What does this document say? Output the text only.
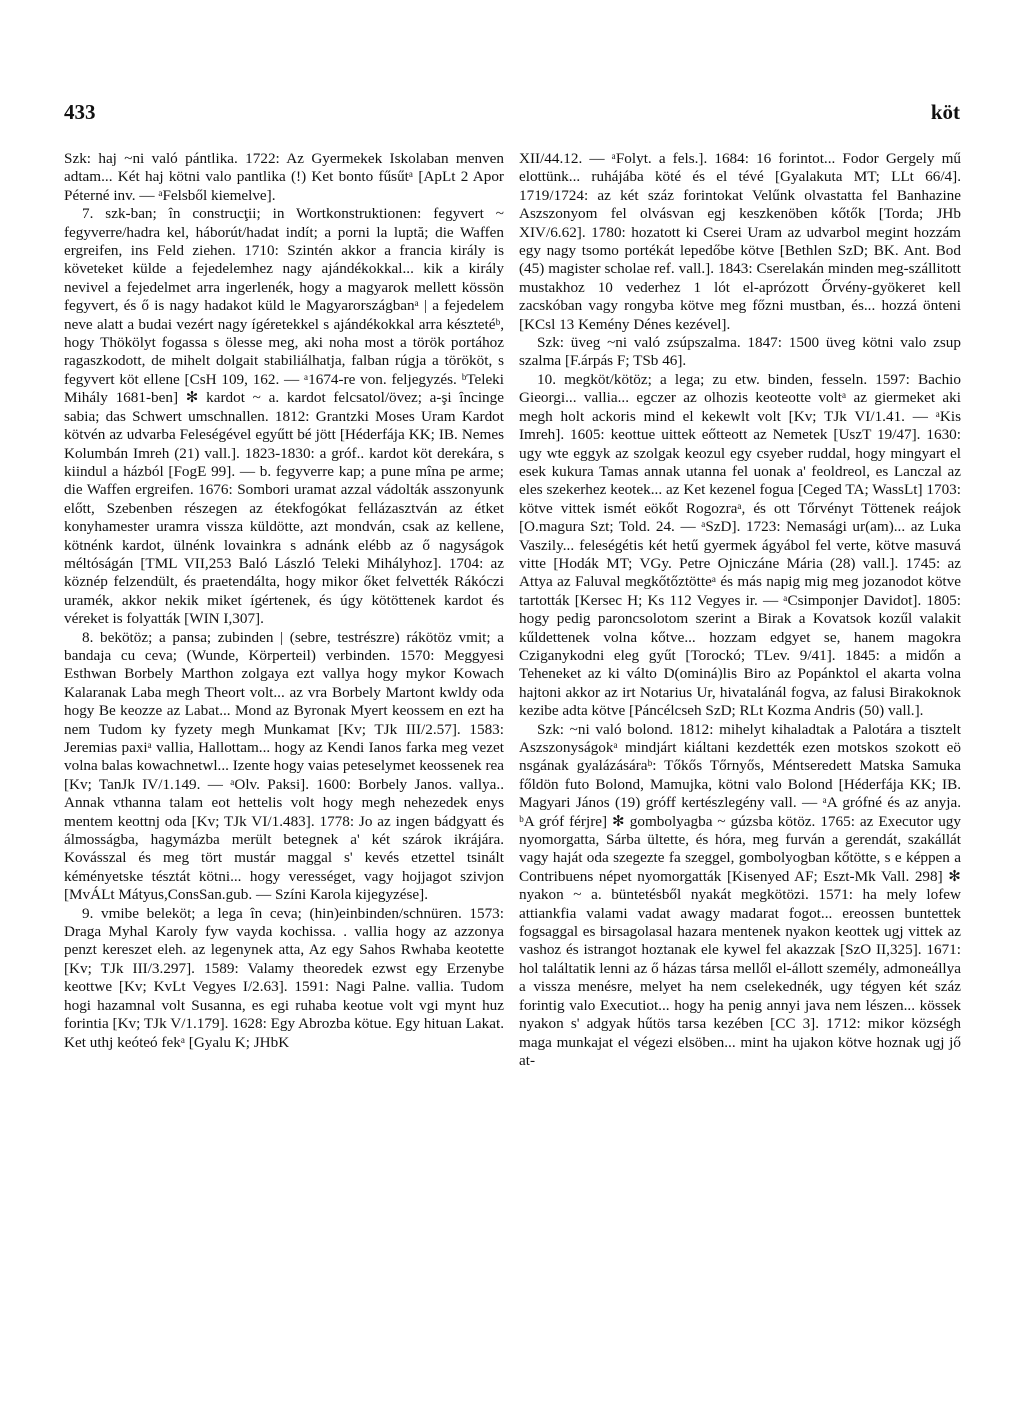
433	köt

Szk: haj ~ni való pántlika. 1722: Az Gyermekek Iskolaban menven adtam... Két haj kötni valo pantlika (!) Ket bonto fűsűtᵃ [ApLt 2 Apor Péterné inv. — ᵃFelsből kiemelve].

7. szk-ban; în construcţii; in Wortkonstruktionen: fegyvert ~ fegyverre/hadra kel, háborút/hadat indít; a porni la luptă; die Waffen ergreifen, ins Feld ziehen. 1710: Szintén akkor a francia király is követeket külde a fejedelemhez nagy ajándékokkal... kik a király nevivel a fejedelmet arra ingerlenék, hogy a magyarok mellett kössön fegyvert, és ő is nagy hadakot küld le Magyarországbanᵃ | a fejedelem neve alatt a budai vezért nagy ígéretekkel s ajándékokkal arra késztetéᵇ, hogy Thökölyt fogassa s ölesse meg, aki noha most a török portához ragaszkodott, de mihelt dolgait stabiliálhatja, falban rúgja a törököt, s fegyvert köt ellene [CsH 109, 162. — ᵃ1674-re von. feljegyzés. ᵇTeleki Mihály 1681-ben] ✻ kardot ~ a. kardot felcsatol/övez; a-şi încinge sabia; das Schwert umschnallen. 1812: Grantzki Moses Uram Kardot kötvén az udvarba Feleségével egyűtt bé jött [Héderfája KK; IB. Nemes Kolumbán Imreh (21) vall.]. 1823-1830: a gróf.. kardot köt derekára, s kiindul a házból [FogE 99]. — b. fegyverre kap; a pune mîna pe arme; die Waffen ergreifen. 1676: Sombori uramat azzal vádolták asszonyunk előtt, Szebenben részegen az étekfogókat fellázasztván az étket konyhamester uramra vissza küldötte, azt mondván, csak az kellene, kötnénk kardot, ülnénk lovainkra s adnánk elébb az ő nagyságok méltóságán [TML VII,253 Baló László Teleki Mihályhoz]. 1704: az köznép felzendült, és praetendálta, hogy mikor őket felvették Rákóczi uramék, akkor nekik miket ígértenek, és úgy kötöttenek kardot és véreket is folyatták [WIN I,307].

8. bekötöz; a pansa; zubinden | (sebre, testrészre) rákötöz vmit; a bandaja cu ceva; (Wunde, Körperteil) verbinden. 1570: Meggyesi Esthwan Borbely Marthon zolgaya ezt vallya hogy mykor Kowach Kalaranak Laba megh Theort volt... az vra Borbely Martont kwldy oda hogy Be keozze az Labat... Mond az Byronak Myert keossem en ezt ha nem Tudom ky fyzety megh Munkamat [Kv; TJk III/2.57]. 1583: Jeremias paxiᵃ vallia, Hallottam... hogy az Kendi Ianos farka meg vezet volna balas kowachnetwl... Izente hogy vaias peteselymet keossenek rea [Kv; TanJk IV/1.149. — ᵃOlv. Paksi]. 1600: Borbely Janos. vallya.. Annak vthanna talam eot hettelis volt hogy megh nehezedek enys mentem keottnj oda [Kv; TJk VI/1.483]. 1778: Jo az ingen bádgyatt és álmosságba, hagymázba merült betegnek a' két szárok ikrájára. Kovásszal és meg tört mustár maggal s' kevés etzettel tsinált kéményetske tésztát kötni... hogy verességet, vagy hojjagot szivjon [MvÁLt Mátyus,ConsSan.gub. — Színi Karola kijegyzése].

9. vmibe beleköt; a lega în ceva; (hin)einbinden/schnüren. 1573: Draga Myhal Karoly fyw vayda kochissa. . vallia hogy az azzonya penzt kereszet eleh. az legenynek atta, Az egy Sahos Rwhaba keotette [Kv; TJk III/3.297]. 1589: Valamy theoredek ezwst egy Erzenybe keottwe [Kv; KvLt Vegyes I/2.63]. 1591: Nagi Palne. vallia. Tudom hogi hazamnal volt Susanna, es egi ruhaba keotue volt vgi mynt huz forintia [Kv; TJk V/1.179]. 1628: Egy Abrozba kötue. Egy hituan Lakat. Ket uthj keóteó fekᵃ [Gyalu K; JHbK

XII/44.12. — ᵃFolyt. a fels.]. 1684: 16 forintot... Fodor Gergely mű elottünk... ruhájába köté és el tévé [Gyalakuta MT; LLt 66/4]. 1719/1724: az két száz forintokat Velűnk olvastatta fel Banhazine Aszszonyom fel olvásvan egj keszkenöben kőtők [Torda; JHb XIV/6.62]. 1780: hozatott ki Cserei Uram az udvarbol megint hozzám egy nagy tsomo portékát lepedőbe kötve [Bethlen SzD; BK. Ant. Bod (45) magister scholae ref. vall.]. 1843: Cserelakán minden meg-szállitott mustakhoz 10 vederhez 1 lót el-aprózott Őrvény-gyökeret kell zacskóban vagy rongyba kötve meg főzni mustban, és... hozzá önteni [KCsl 13 Kemény Dénes kezével].

Szk: üveg ~ni való zsúpszalma. 1847: 1500 üveg kötni valo zsup szalma [F.árpás F; TSb 46].

10. megköt/kötöz; a lega; zu etw. binden, fesseln. 1597: Bachio Gieorgi... vallia... egczer az olhozis keoteotte voltᵃ az giermeket aki megh holt ackoris mind el kekewlt volt [Kv; TJk VI/1.41. — ᵃKis Imreh]. 1605: keottue uittek eőtteott az Nemetek [UszT 19/47]. 1630: ugy wte eggyk az szolgak keozul egy csyeber ruddal, hogy mingyart el esek kukura Tamas annak utanna fel uonak a' feoldreol, es Lanczal az eles szekerhez keotek... az Ket kezenel fogua [Ceged TA; WassLt] 1703: kötve vittek ismét eökőt Rogozraᵃ, és ott Tőrvényt Töttenek reájok [O.magura Szt; Told. 24. — ᵃSzD]. 1723: Nemasági ur(am)... az Luka Vaszily... feleségétis két hetű gyermek ágyábol fel verte, kötve masuvá vitte [Hodák MT; VGy. Petre Ojniczáne Mária (28) vall.]. 1745: az Attya az Faluval megkőtőztötteᵃ és más napig mig meg jozanodot kötve tartották [Kersec H; Ks 112 Vegyes ir. — ᵃCsimponjer Davidot]. 1805: hogy pedig paroncsolotom szerint a Birak a Kovatsok kozűl valakit kűldettenek volna kőtve... hozzam edgyet se, hanem magokra Cziganykodni eleg gyűt [Torockó; TLev. 9/41]. 1845: a midőn a Teheneket az ki válto D(ominá)lis Biro az Popánktol el akarta volna hajtoni akkor az irt Notarius Ur, hivatalánál fogva, az falusi Birakoknok kezibe adta kötve [Páncélcseh SzD; RLt Kozma Andris (50) vall.].

Szk: ~ni való bolond. 1812: mihelyt kihaladtak a Palotára a tisztelt Aszszonyságokᵃ mindjárt kiáltani kezdették ezen motskos szokott eö nsgának gyalázásáraᵇ: Tőkős Tőrnyős, Méntseredett Matska Samuka főldön futo Bolond, Mamujka, kötni valo Bolond [Héderfája KK; IB. Magyari János (19) gróff kertészlegény vall. — ᵃA grófné és az anyja. ᵇA gróf férjre] ✻ gombolyagba ~ gúzsba kötöz. 1765: az Executor ugy nyomorgatta, Sárba ültette, és hóra, meg furván a gerendát, szakállát vagy haját oda szegezte fa szeggel, gombolyogban kőtötte, s e képpen a Contribuens népet nyomorgatták [Kisenyed AF; Eszt-Mk Vall. 298] ✻ nyakon ~ a. büntetésből nyakát megkötözi. 1571: ha mely lofew attiankfia valami vadat awagy madarat fogot... ereossen buntettek fogsaggal es birsagolasal hazara mentenek nyakon keottek ugj vittek az vashoz és istrangot hoztanak ele kywel fel akazzak [SzO II,325]. 1671: hol találtatik lenni az ő házas társa mellől el-állott személy, admoneállya a vissza menésre, melyet ha nem cselekednék, ugy tégyen két száz forintig valo Executiot... hogy ha penig annyi java nem lészen... kössek nyakon s' adgyak hűtös tarsa kezében [CC 3]. 1712: mikor községh maga munkajat el végezi elsöben... mint ha ujakon kötve hoznak ugj jő at-
